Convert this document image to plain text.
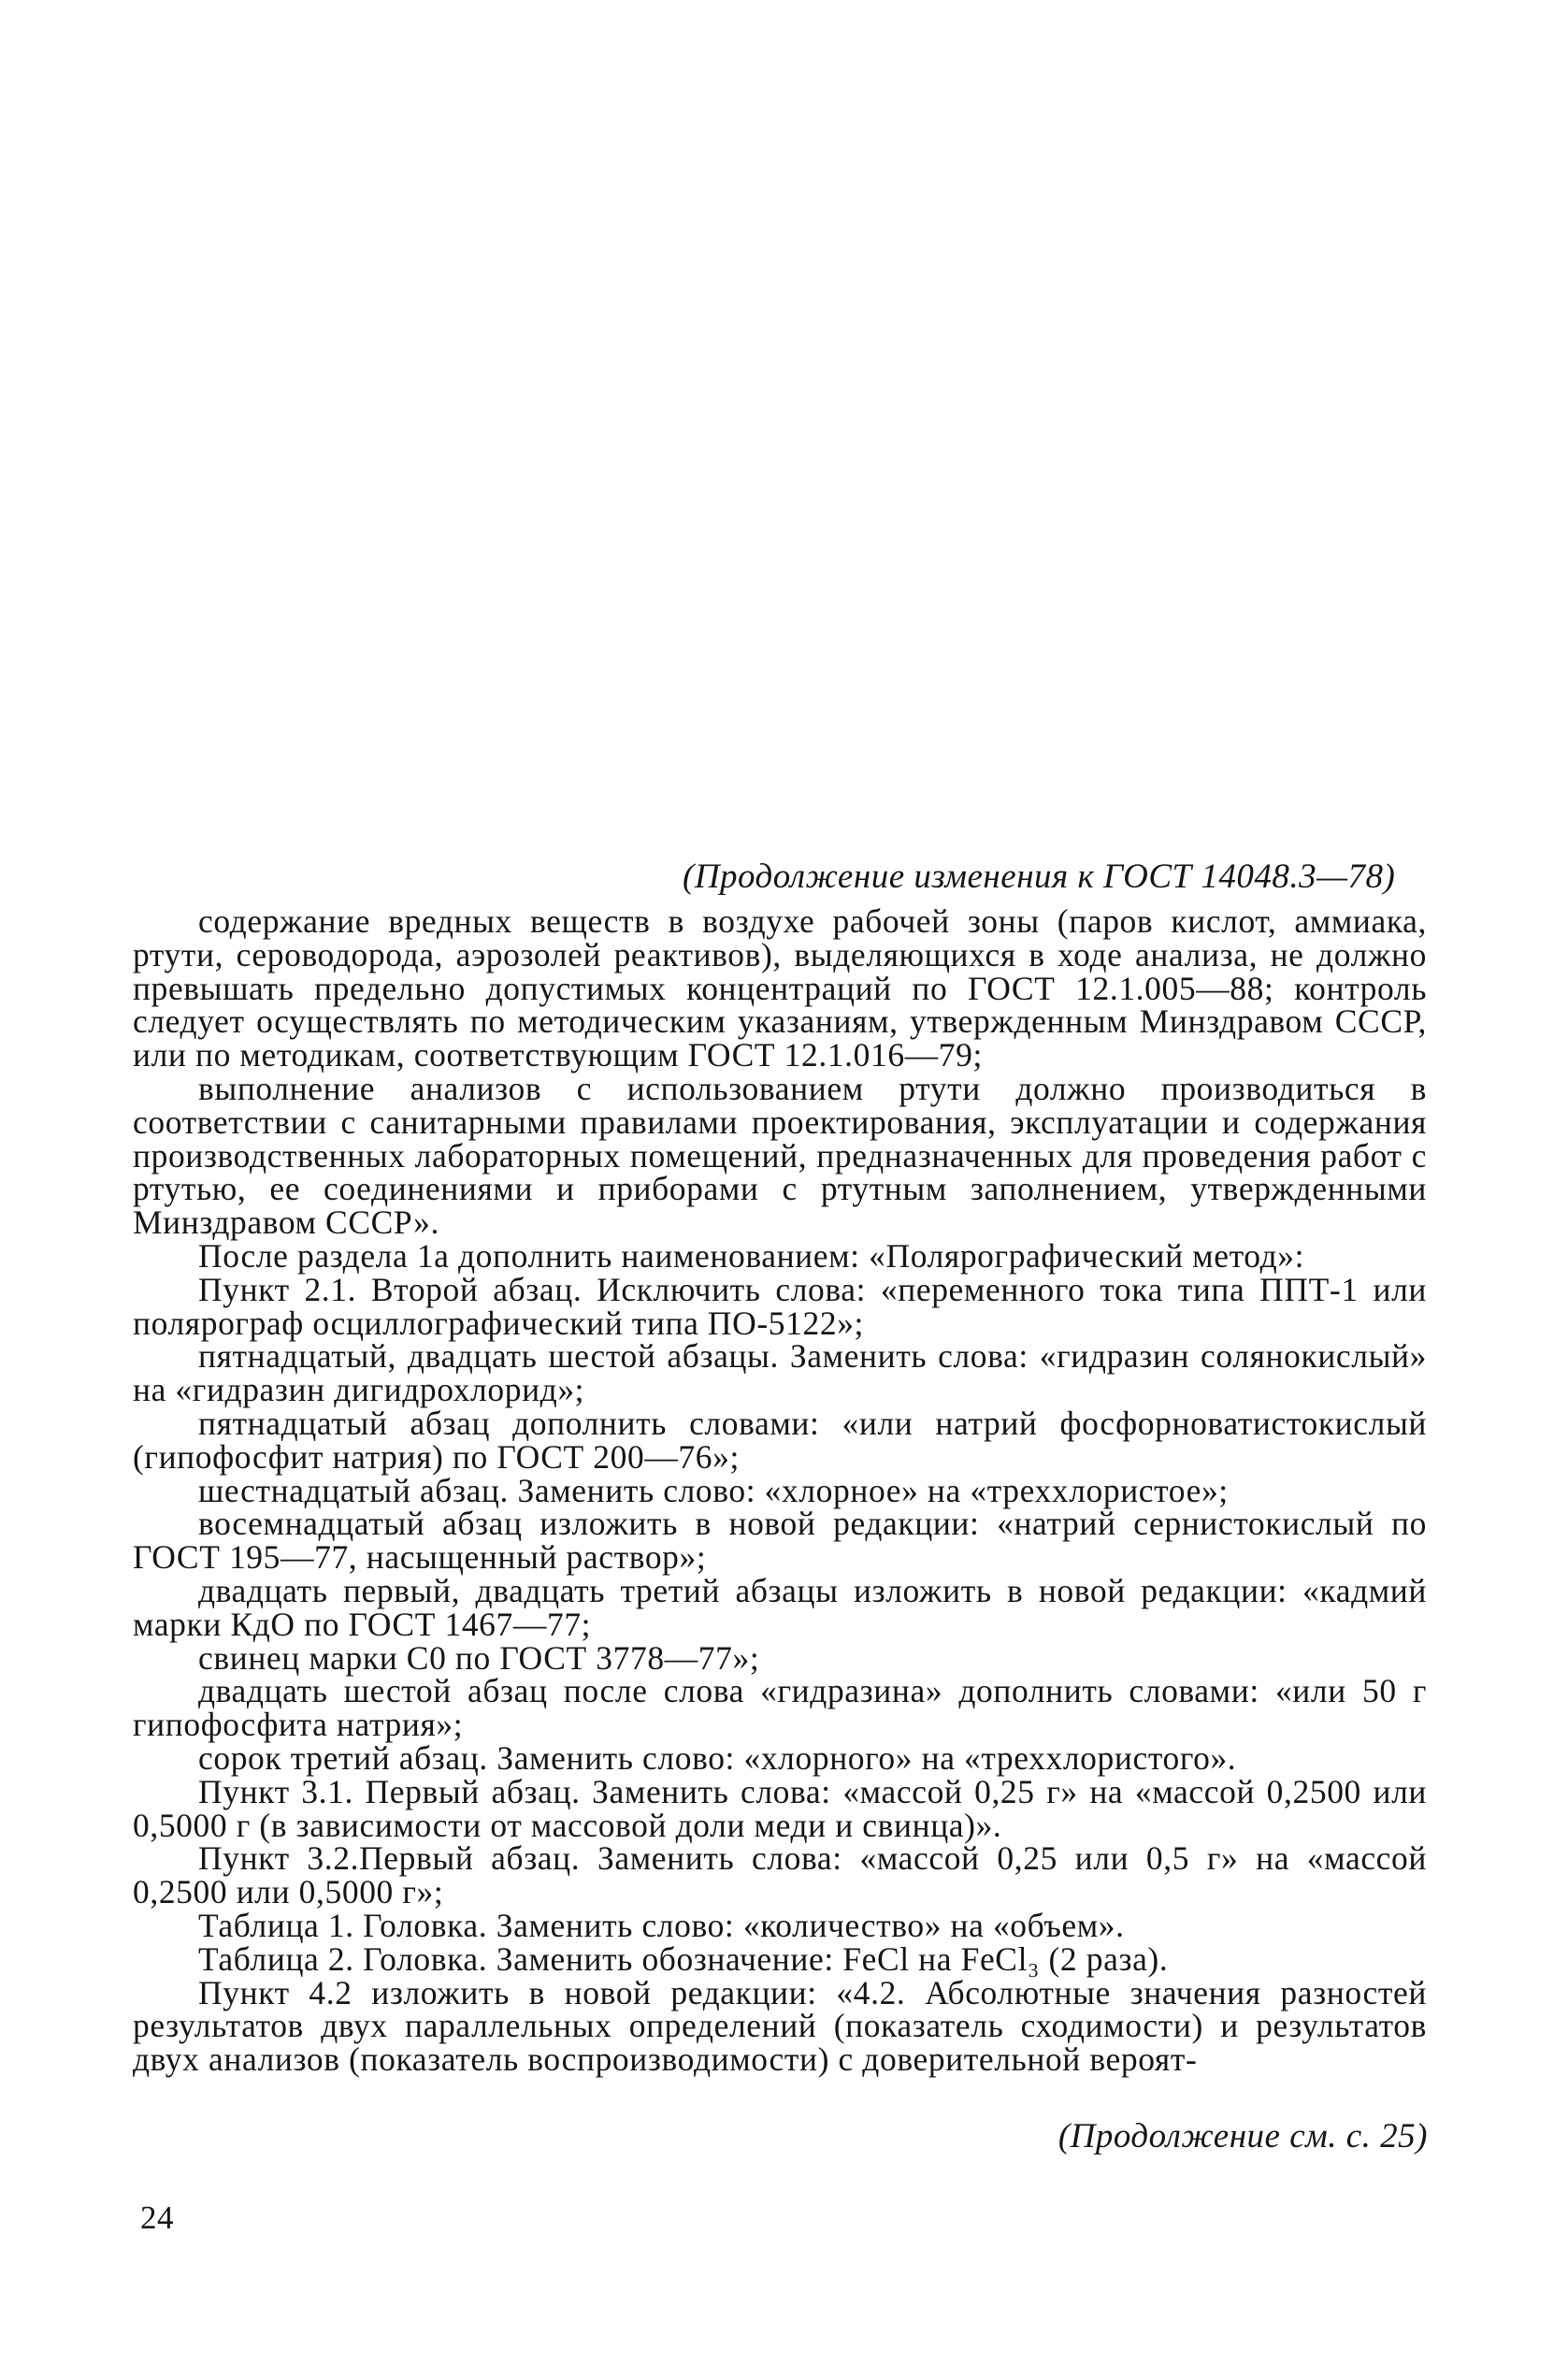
(Продолжение изменения к ГОСТ 14048.3—78)

содержание вредных веществ в воздухе рабочей зоны (паров кислот, аммиака, ртути, сероводорода, аэрозолей реактивов), выделяющихся в ходе анализа, не должно превышать предельно допустимых концентраций по ГОСТ 12.1.005—88; контроль следует осуществлять по методическим указаниям, утвержденным Минздравом СССР, или по методикам, соответствующим ГОСТ 12.1.016—79;

выполнение анализов с использованием ртути должно производиться в соответствии с санитарными правилами проектирования, эксплуатации и содержания производственных лабораторных помещений, предназначенных для проведения работ с ртутью, ее соединениями и приборами с ртутным заполнением, утвержденными Минздравом СССР».

После раздела 1а дополнить наименованием: «Полярографический метод»:

Пункт 2.1. Второй абзац. Исключить слова: «переменного тока типа ППТ-1 или полярограф осциллографический типа ПО-5122»;

пятнадцатый, двадцать шестой абзацы. Заменить слова: «гидразин солянокислый» на «гидразин дигидрохлорид»;

пятнадцатый абзац дополнить словами: «или натрий фосфорноватистокислый (гипофосфит натрия) по ГОСТ 200—76»;

шестнадцатый абзац. Заменить слово: «хлорное» на «треххлористое»;

восемнадцатый абзац изложить в новой редакции: «натрий сернистокислый по ГОСТ 195—77, насыщенный раствор»;

двадцать первый, двадцать третий абзацы изложить в новой редакции: «кадмий марки КдО по ГОСТ 1467—77;

свинец марки С0 по ГОСТ 3778—77»;

двадцать шестой абзац после слова «гидразина» дополнить словами: «или 50 г гипофосфита натрия»;

сорок третий абзац. Заменить слово: «хлорного» на «треххлористого».

Пункт 3.1. Первый абзац. Заменить слова: «массой 0,25 г» на «массой 0,2500 или 0,5000 г (в зависимости от массовой доли меди и свинца)».

Пункт 3.2.Первый абзац. Заменить слова: «массой 0,25 или 0,5 г» на «массой 0,2500 или 0,5000 г»;

Таблица 1. Головка. Заменить слово: «количество» на «объем».

Таблица 2. Головка. Заменить обозначение: FeCl на FeCl₃ (2 раза).

Пункт 4.2 изложить в новой редакции: «4.2. Абсолютные значения разностей результатов двух параллельных определений (показатель сходимости) и результатов двух анализов (показатель воспроизводимости) с доверительной вероят-

(Продолжение см. с. 25)
24
